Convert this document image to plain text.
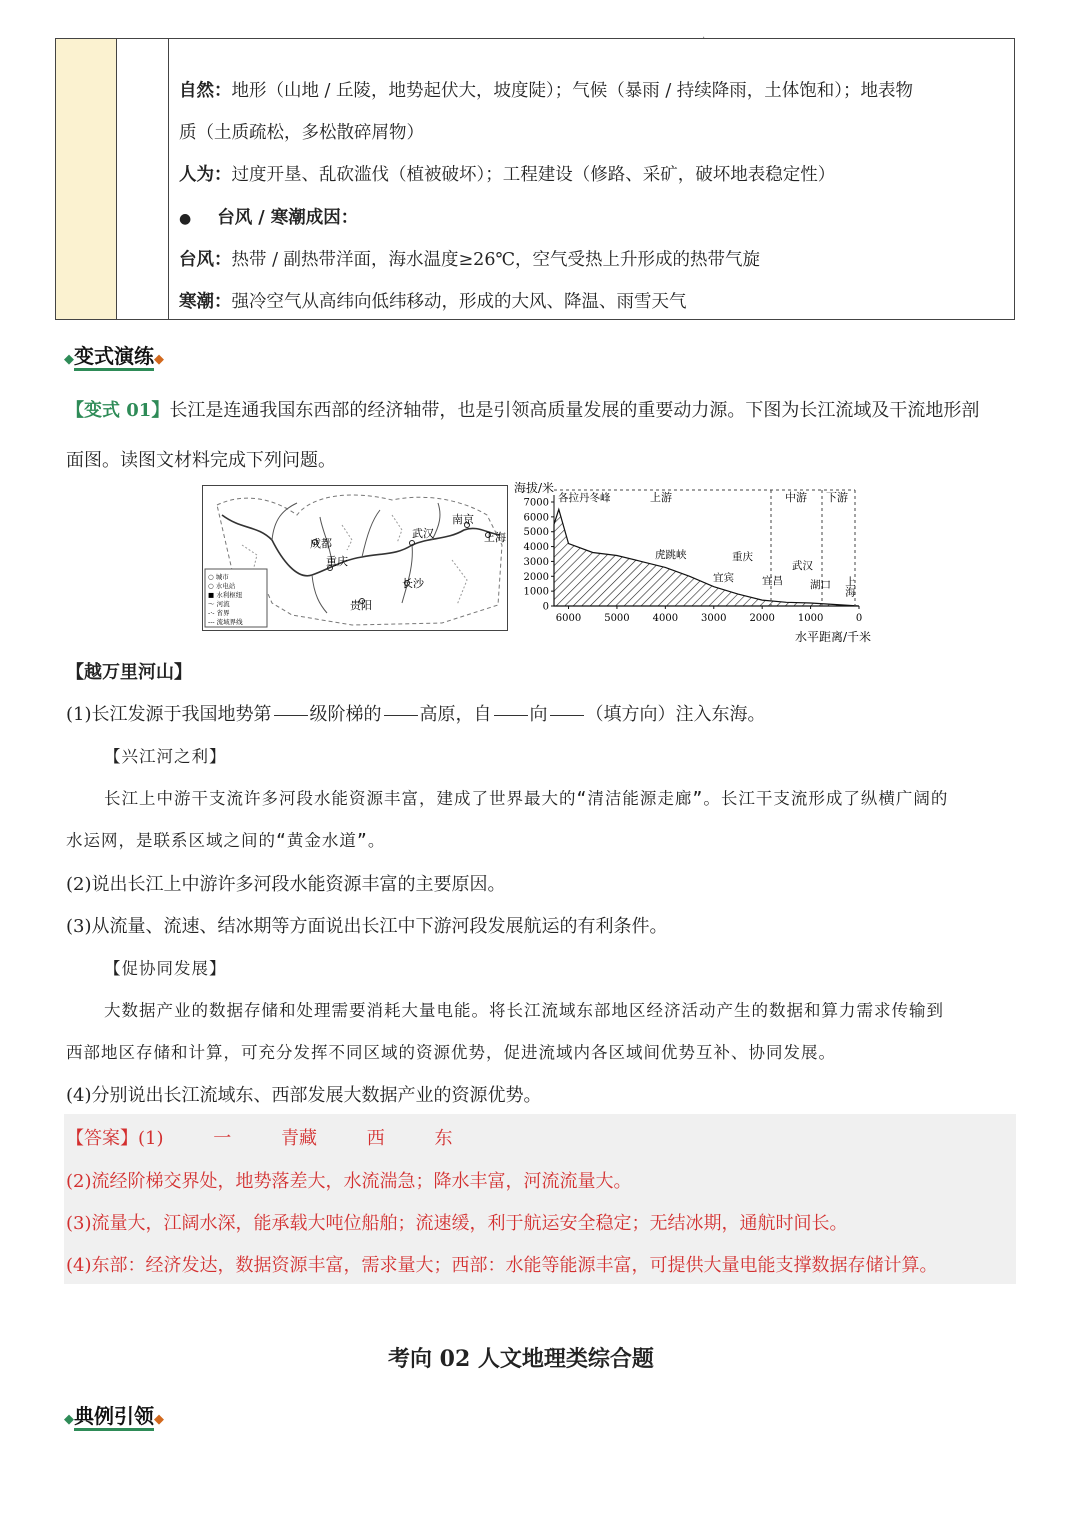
.
自然：地形（山地 / 丘陵，地势起伏大，坡度陡）；气候（暴雨 / 持续降雨，土体饱和）；地表物
质（土质疏松，多松散碎屑物）
人为：过度开垦、乱砍滥伐（植被破坏）；工程建设（修路、采矿，破坏地表稳定性）
● 台风 / 寒潮成因：
台风：热带 / 副热带洋面，海水温度≥26℃，空气受热上升形成的热带气旋
寒潮：强冷空气从高纬向低纬移动，形成的大风、降温、雨雪天气
◆变式演练◆
【变式 01】长江是连通我国东西部的经济轴带，也是引领高质量发展的重要动力源。下图为长江流域及干流地形剖
面图。读图文材料完成下列问题。
成都
重庆
武汉
南京
上海
长沙
贵阳
○ 城市
○ 水电站
■ 水利枢纽
～ 河流
-·- 省界
--- 流域界线
海拔/米
水平距离/千米
7000
6000
5000
4000
3000
2000
1000
0
6000 5000 4000 3000 2000 1000	0
上游	中游 下游
各拉丹冬峰
虎跳峡	重庆
宜宾	宜昌
武汉
湖口 上海
【越万里河山】
(1)长江发源于我国地势第 级阶梯的 高原，自 向 （填方向）注入东海。
【兴江河之利】
长江上中游干支流许多河段水能资源丰富，建成了世界最大的“清洁能源走廊”。长江干支流形成了纵横广阔的
水运网，是联系区域之间的“黄金水道”。
(2)说出长江上中游许多河段水能资源丰富的主要原因。
(3)从流量、流速、结冰期等方面说出长江中下游河段发展航运的有利条件。
【促协同发展】
大数据产业的数据存储和处理需要消耗大量电能。将长江流域东部地区经济活动产生的数据和算力需求传输到
西部地区存储和计算，可充分发挥不同区域的资源优势，促进流域内各区域间优势互补、协同发展。
(4)分别说出长江流域东、西部发展大数据产业的资源优势。
【答案】(1)	一	青藏	西	东
(2)流经阶梯交界处，地势落差大，水流湍急；降水丰富，河流流量大。
(3)流量大，江阔水深，能承载大吨位船舶；流速缓，利于航运安全稳定；无结冰期，通航时间长。
(4)东部：经济发达，数据资源丰富，需求量大；西部：水能等能源丰富，可提供大量电能支撑数据存储计算。
考向 02 人文地理类综合题
◆典例引领◆
